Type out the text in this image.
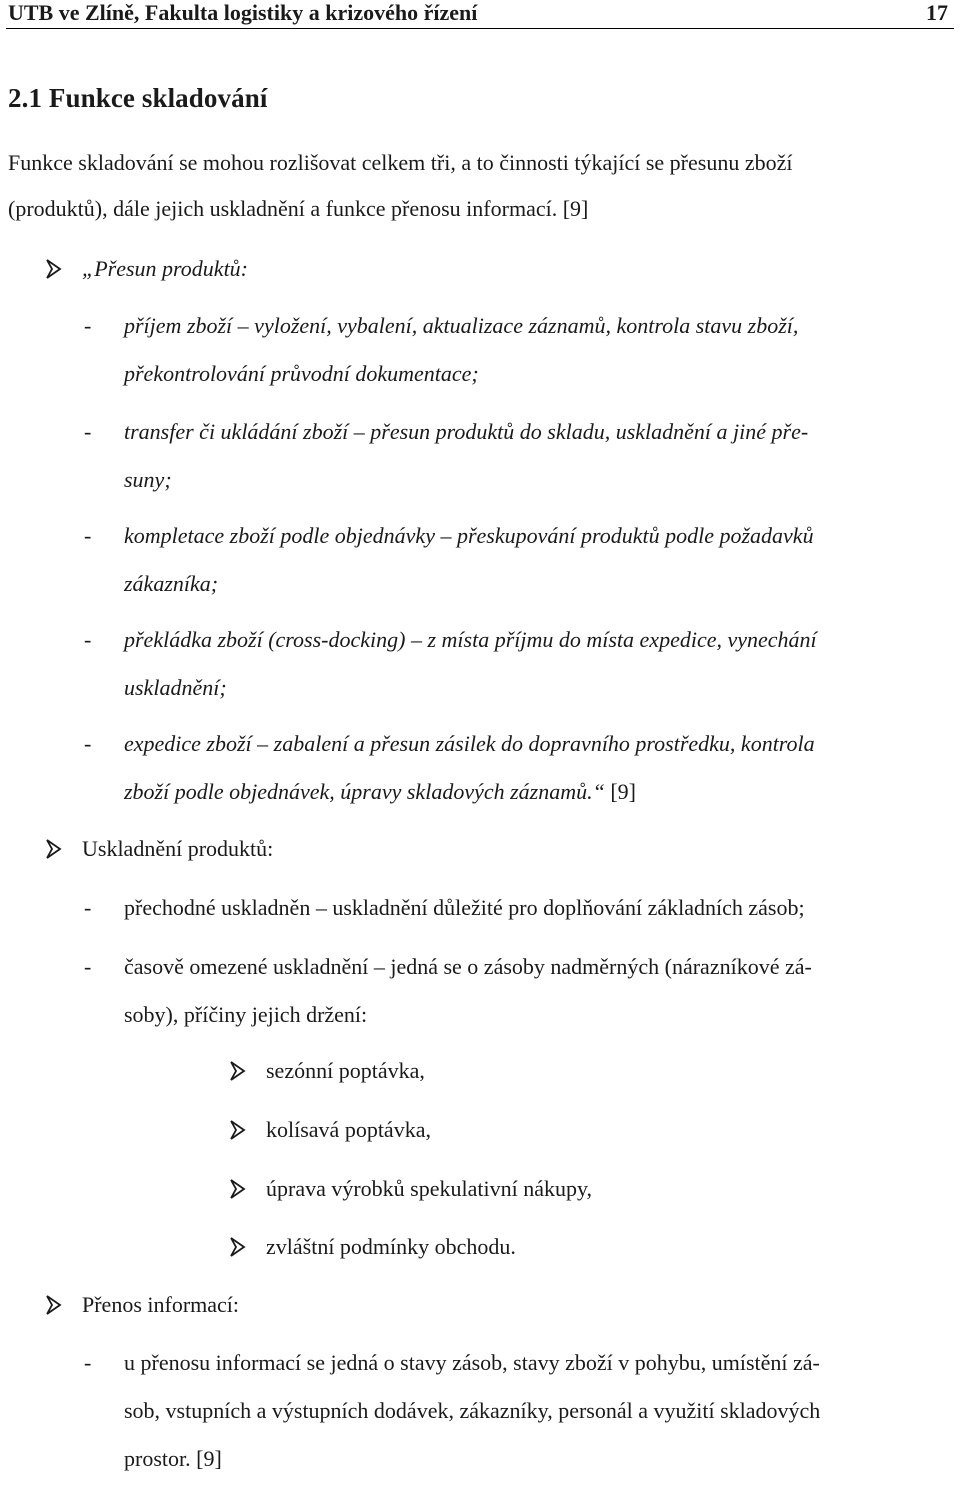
UTB ve Zlíně, Fakulta logistiky a krizového řízení	17
2.1 Funkce skladování
Funkce skladování se mohou rozlišovat celkem tři, a to činnosti týkající se přesunu zboží
(produktů), dále jejich uskladnění a funkce přenosu informací. [9]
„Přesun produktů:
- příjem zboží – vyložení, vybalení, aktualizace záznamů, kontrola stavu zboží,
překontrolování průvodní dokumentace;
- transfer či ukládání zboží – přesun produktů do skladu, uskladnění a jiné pře-
suny;
- kompletace zboží podle objednávky – přeskupování produktů podle požadavků
zákazníka;
- překládka zboží (cross-docking) – z místa příjmu do místa expedice, vynechání
uskladnění;
- expedice zboží – zabalení a přesun zásilek do dopravního prostředku, kontrola
zboží podle objednávek, úpravy skladových záznamů.“ [9]
Uskladnění produktů:
- přechodné uskladněn – uskladnění důležité pro doplňování základních zásob;
- časově omezené uskladnění – jedná se o zásoby nadměrných (nárazníkové zá-
soby), příčiny jejich držení:
sezónní poptávka,
kolísavá poptávka,
úprava výrobků spekulativní nákupy,
zvláštní podmínky obchodu.
Přenos informací:
- u přenosu informací se jedná o stavy zásob, stavy zboží v pohybu, umístění zá-
sob, vstupních a výstupních dodávek, zákazníky, personál a využití skladových
prostor. [9]
